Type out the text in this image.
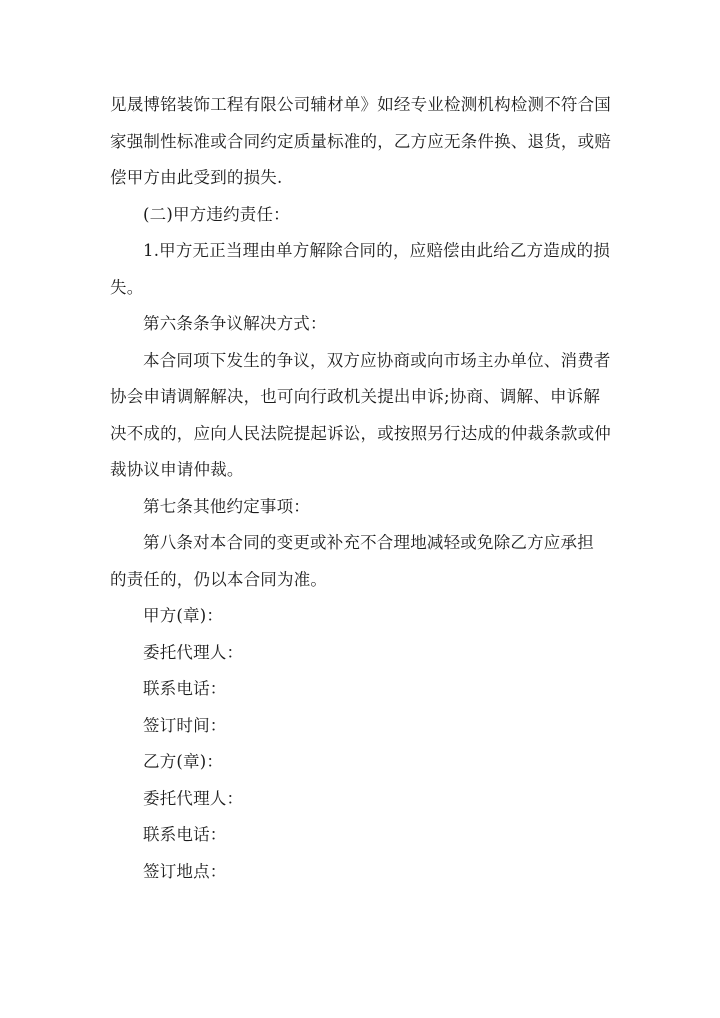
见晟博铭装饰工程有限公司辅材单》如经专业检测机构检测不符合国
家强制性标准或合同约定质量标准的，乙方应无条件换、退货，或赔
偿甲方由此受到的损失.

(二)甲方违约责任：

1.甲方无正当理由单方解除合同的，应赔偿由此给乙方造成的损
失。

第六条条争议解决方式：

本合同项下发生的争议，双方应协商或向市场主办单位、消费者
协会申请调解解决，也可向行政机关提出申诉;协商、调解、申诉解
决不成的，应向人民法院提起诉讼，或按照另行达成的仲裁条款或仲
裁协议申请仲裁。

第七条其他约定事项：

第八条对本合同的变更或补充不合理地减轻或免除乙方应承担
的责任的，仍以本合同为准。

甲方(章)：

委托代理人：

联系电话：

签订时间：

乙方(章)：

委托代理人：

联系电话：

签订地点：
